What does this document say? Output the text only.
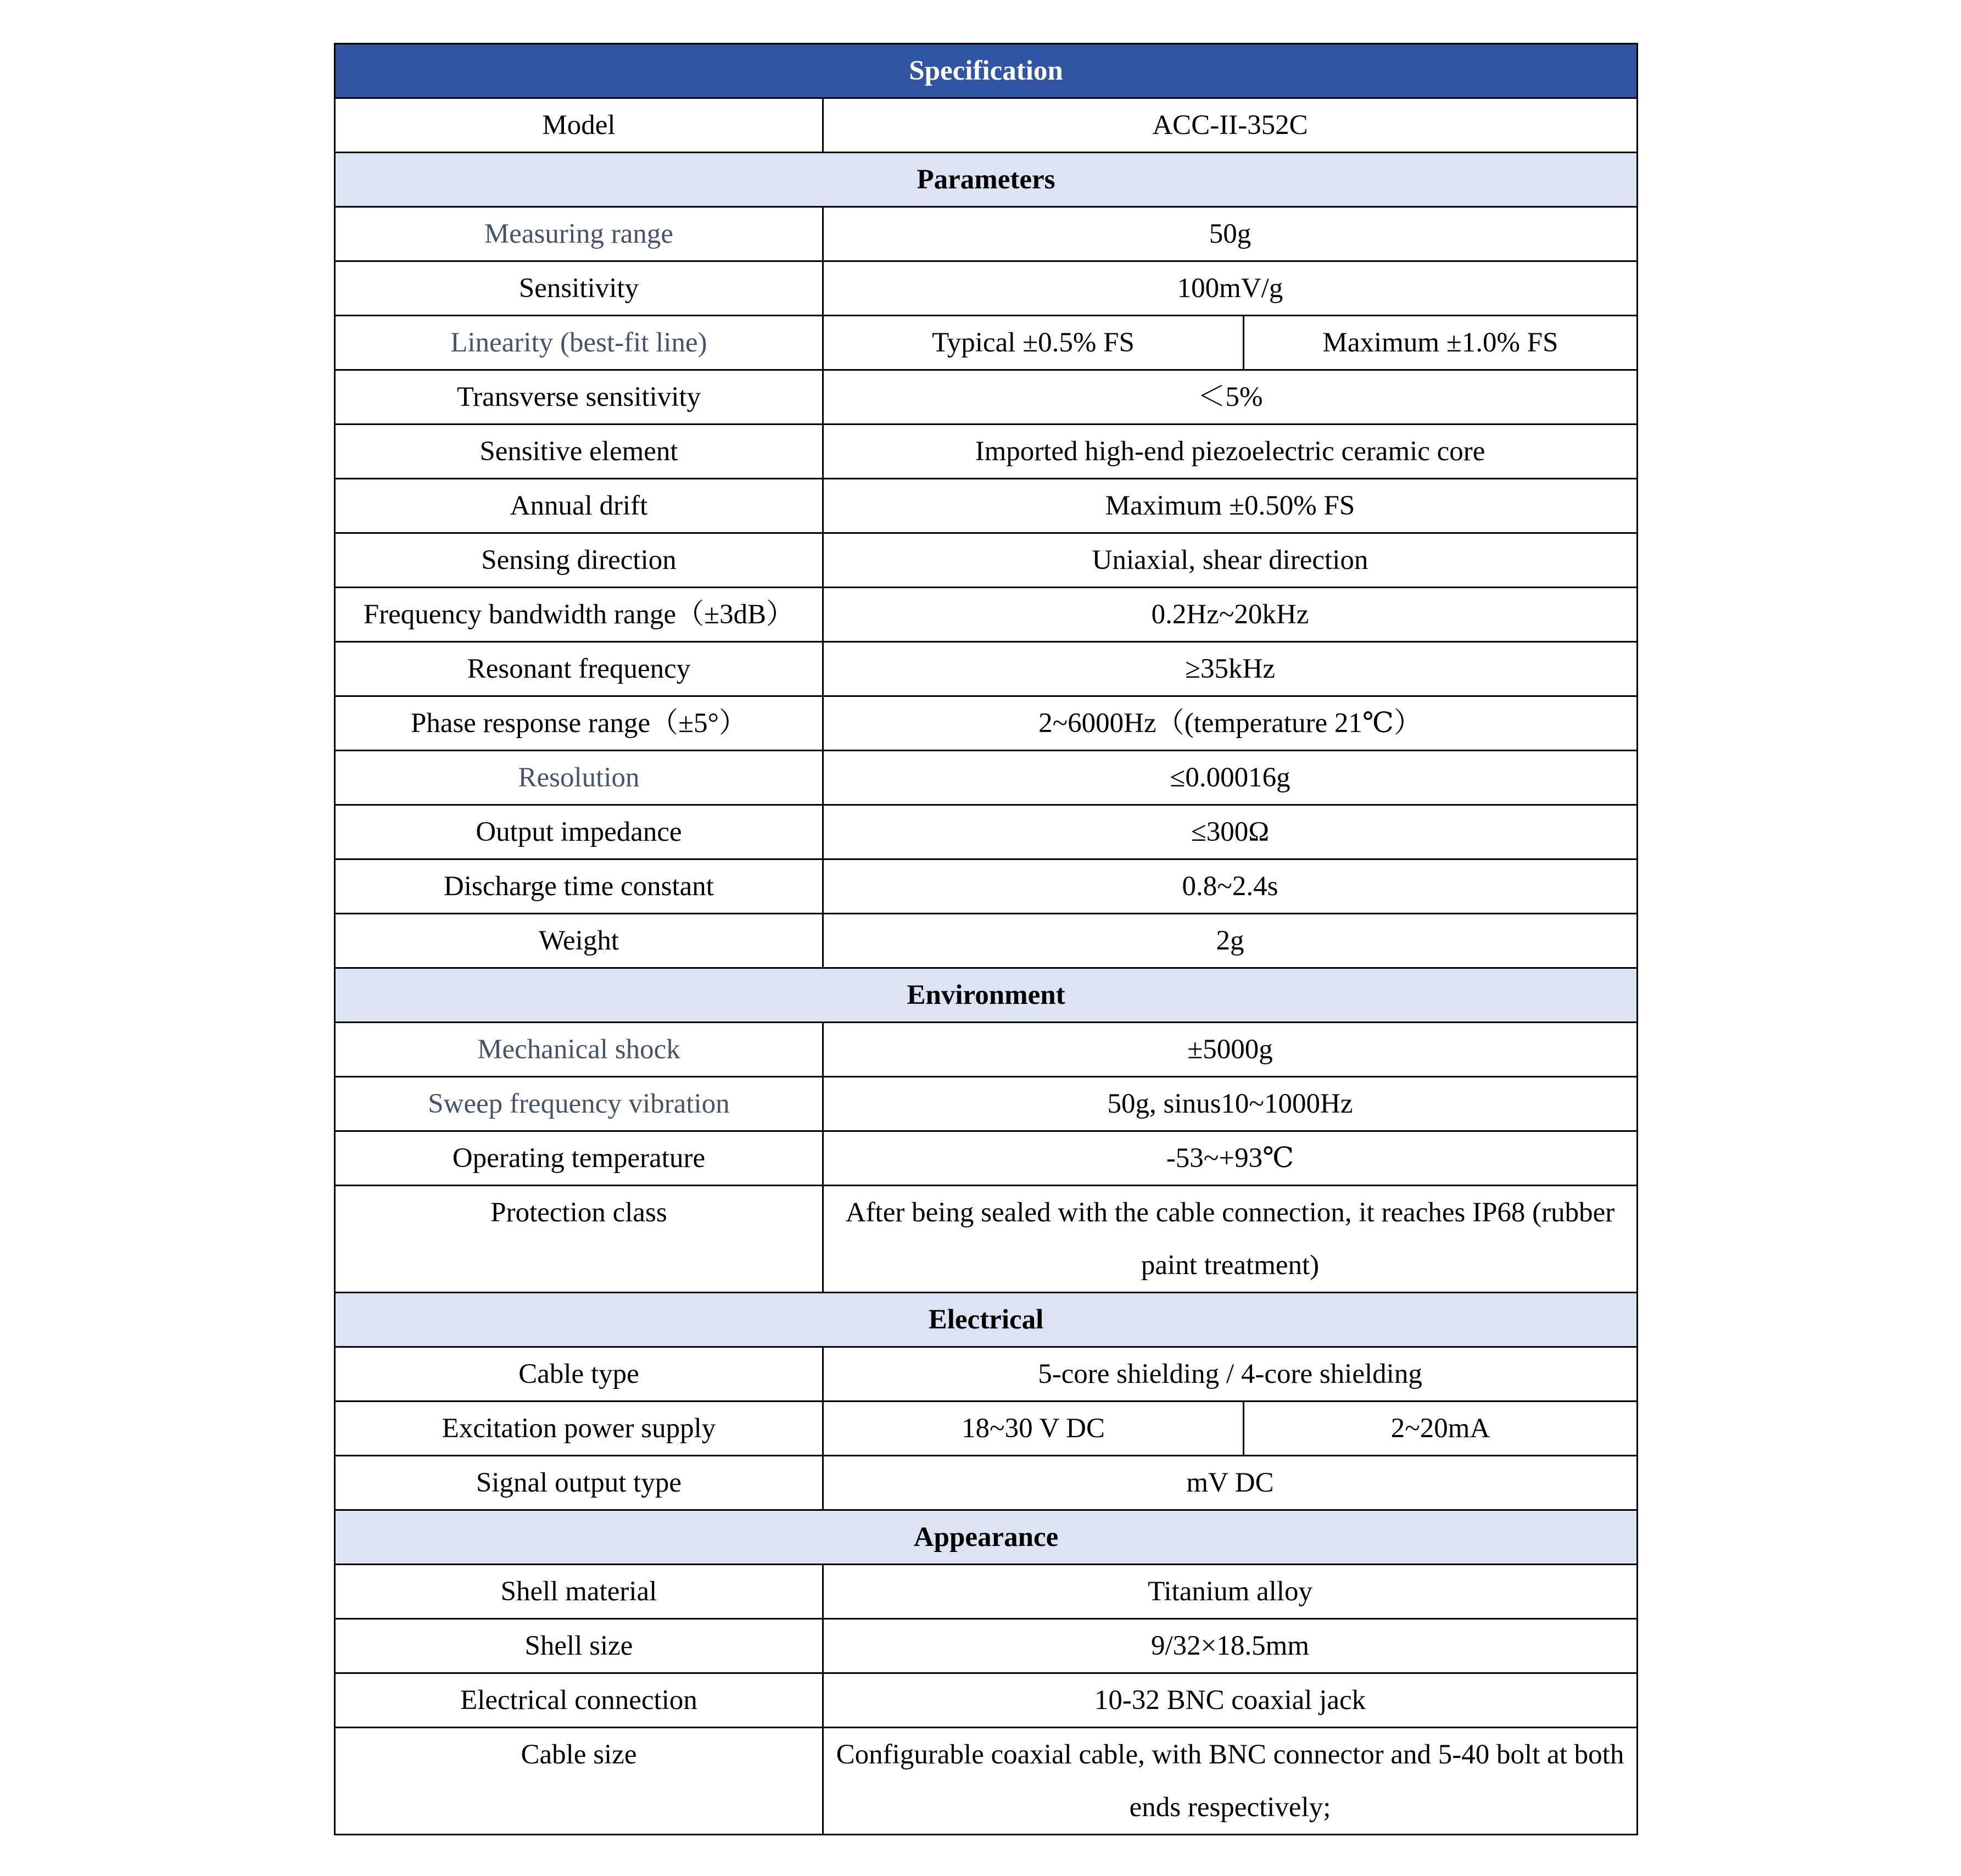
Specification		
Model	ACC-II-352C	
Parameters		
Measuring range	50g	
Sensitivity	100mV/g	
Linearity (best-fit line)	Typical ±0.5% FS	Maximum ±1.0% FS
Transverse sensitivity	＜5%	
Sensitive element	Imported high-end piezoelectric ceramic core	
Annual drift	Maximum ±0.50% FS	
Sensing direction	Uniaxial, shear direction	
Frequency bandwidth range（±3dB）	0.2Hz~20kHz	
Resonant frequency	≥35kHz	
Phase response range（±5°）	2~6000Hz（(temperature 21℃）	
Resolution	≤0.00016g	
Output impedance	≤300Ω	
Discharge time constant	0.8~2.4s	
Weight	2g	
Environment		
Mechanical shock	±5000g	
Sweep frequency vibration	50g, sinus10~1000Hz	
Operating temperature	-53~+93℃	
Protection class	After being sealed with the cable connection, it reaches IP68 (rubber paint treatment)	
Electrical		
Cable type	5-core shielding / 4-core shielding	
Excitation power supply	18~30 V DC	2~20mA
Signal output type	mV DC	
Appearance		
Shell material	Titanium alloy	
Shell size	9/32×18.5mm	
Electrical connection	10-32 BNC coaxial jack	
Cable size	Configurable coaxial cable, with BNC connector and 5-40 bolt at both ends respectively;	
